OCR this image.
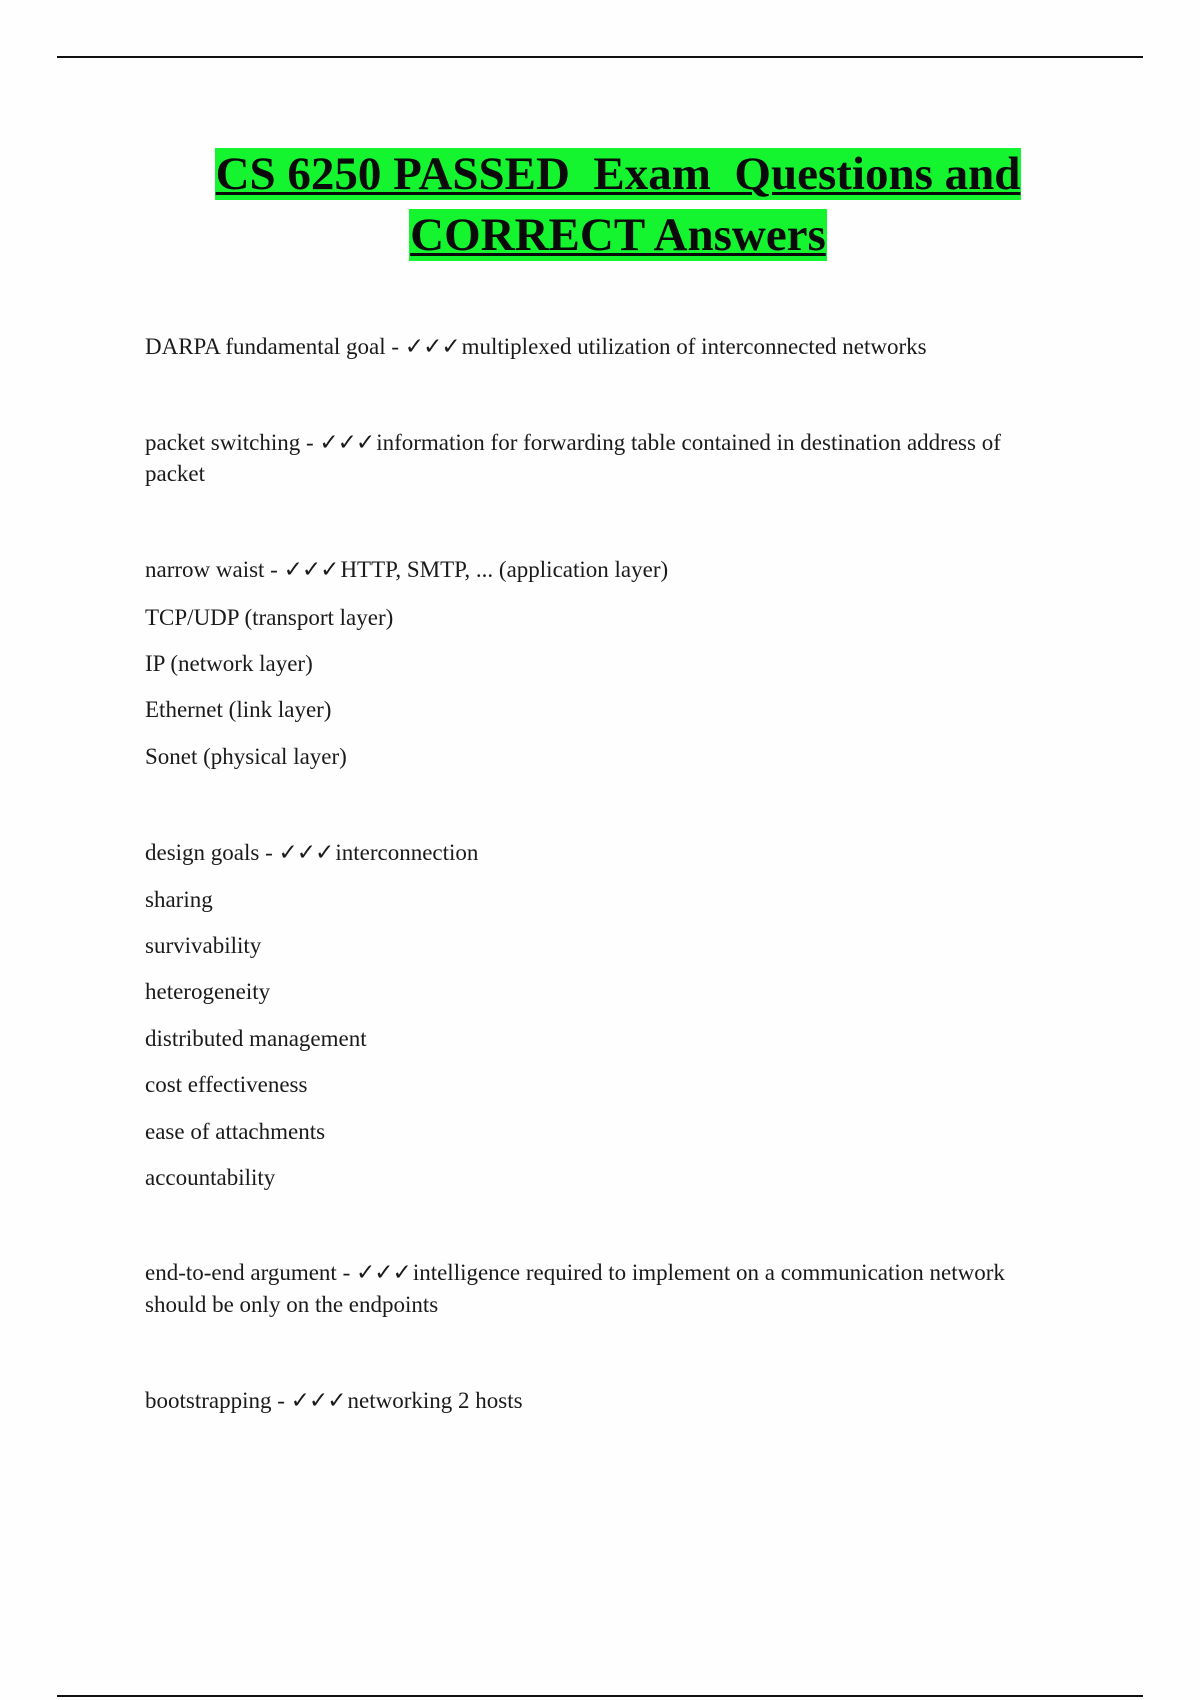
CS 6250 PASSED  Exam  Questions and
CORRECT Answers
DARPA fundamental goal - ✓✓✓multiplexed utilization of interconnected networks
packet switching - ✓✓✓information for forwarding table contained in destination address of
packet
narrow waist - ✓✓✓HTTP, SMTP, ... (application layer)
TCP/UDP (transport layer)
IP (network layer)
Ethernet (link layer)
Sonet (physical layer)
design goals - ✓✓✓interconnection
sharing
survivability
heterogeneity
distributed management
cost effectiveness
ease of attachments
accountability
end-to-end argument - ✓✓✓intelligence required to implement on a communication network
should be only on the endpoints
bootstrapping - ✓✓✓networking 2 hosts
